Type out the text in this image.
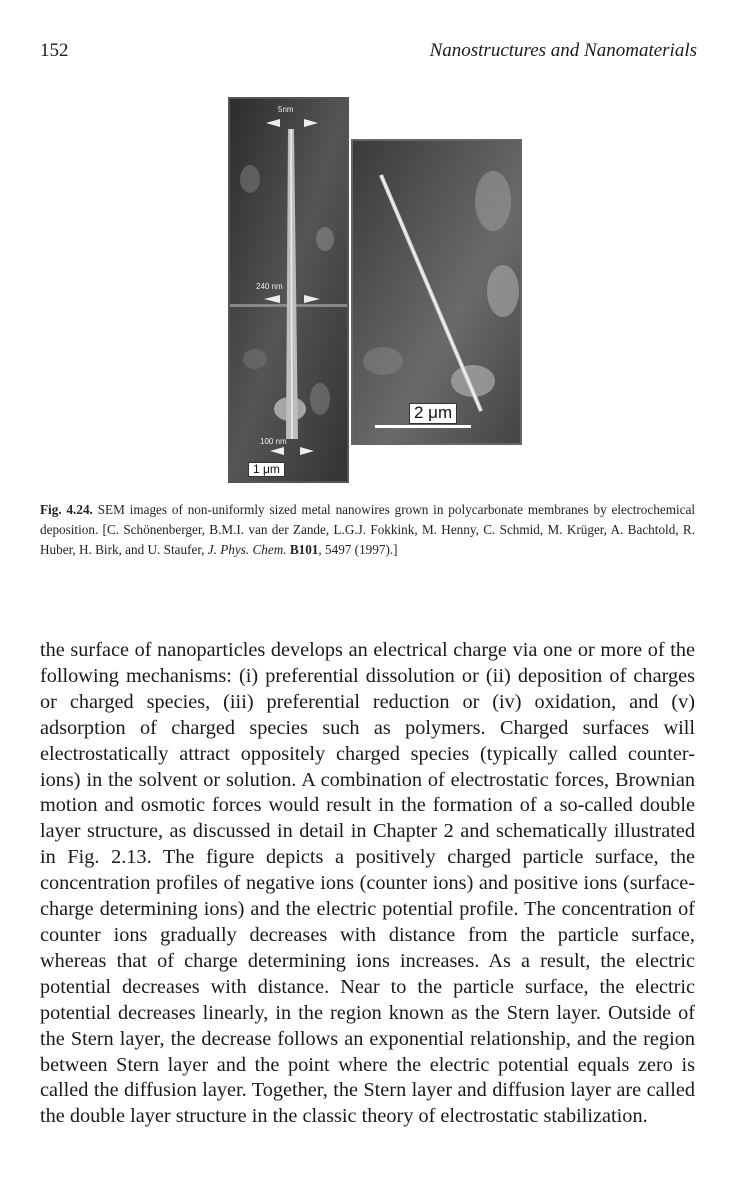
152	Nanostructures and Nanomaterials
5nm
240 nm
100 nm
1 μm
2 μm
Fig. 4.24. SEM images of non-uniformly sized metal nanowires grown in polycarbonate membranes by electrochemical deposition. [C. Schönenberger, B.M.I. van der Zande, L.G.J. Fokkink, M. Henny, C. Schmid, M. Krüger, A. Bachtold, R. Huber, H. Birk, and U. Staufer, J. Phys. Chem. B101, 5497 (1997).]
the surface of nanoparticles develops an electrical charge via one or more of the following mechanisms: (i) preferential dissolution or (ii) deposition of charges or charged species, (iii) preferential reduction or (iv) oxidation, and (v) adsorption of charged species such as polymers. Charged surfaces will electrostatically attract oppositely charged species (typically called counter-ions) in the solvent or solution. A combination of electrostatic forces, Brownian motion and osmotic forces would result in the formation of a so-called double layer structure, as discussed in detail in Chapter 2 and schematically illustrated in Fig. 2.13. The figure depicts a positively charged particle surface, the concentration profiles of negative ions (counter ions) and positive ions (surface-charge determining ions) and the electric potential profile. The concentration of counter ions gradually decreases with distance from the particle surface, whereas that of charge determining ions increases. As a result, the electric potential decreases with distance. Near to the particle surface, the electric potential decreases linearly, in the region known as the Stern layer. Outside of the Stern layer, the decrease follows an exponential relationship, and the region between Stern layer and the point where the electric potential equals zero is called the diffusion layer. Together, the Stern layer and diffusion layer are called the double layer structure in the classic theory of electrostatic stabilization.
